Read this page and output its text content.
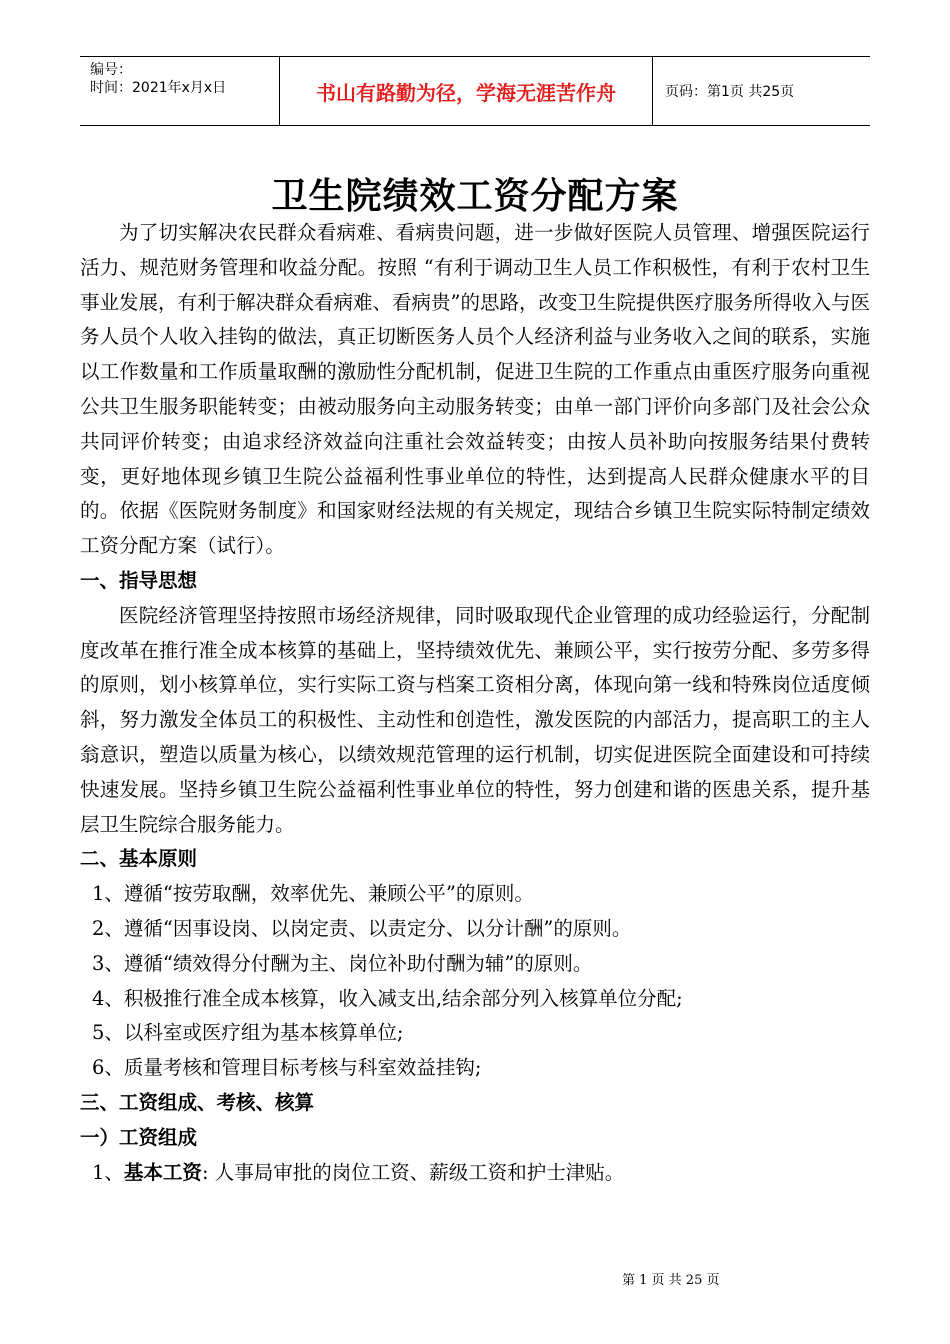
编号：
时间：2021年x月x日	书山有路勤为径，学海无涯苦作舟	页码：第1页 共25页
卫生院绩效工资分配方案

为了切实解决农民群众看病难、看病贵问题，进一步做好医院人员管理、增强医院运行活力、规范财务管理和收益分配。按照 “有利于调动卫生人员工作积极性，有利于农村卫生事业发展，有利于解决群众看病难、看病贵”的思路，改变卫生院提供医疗服务所得收入与医务人员个人收入挂钩的做法，真正切断医务人员个人经济利益与业务收入之间的联系，实施以工作数量和工作质量取酬的激励性分配机制，促进卫生院的工作重点由重医疗服务向重视公共卫生服务职能转变；由被动服务向主动服务转变；由单一部门评价向多部门及社会公众共同评价转变；由追求经济效益向注重社会效益转变；由按人员补助向按服务结果付费转变，更好地体现乡镇卫生院公益福利性事业单位的特性，达到提高人民群众健康水平的目的。依据《医院财务制度》和国家财经法规的有关规定，现结合乡镇卫生院实际特制定绩效工资分配方案（试行）。

一、指导思想

医院经济管理坚持按照市场经济规律，同时吸取现代企业管理的成功经验运行，分配制度改革在推行准全成本核算的基础上，坚持绩效优先、兼顾公平，实行按劳分配、多劳多得的原则，划小核算单位，实行实际工资与档案工资相分离，体现向第一线和特殊岗位适度倾斜，努力激发全体员工的积极性、主动性和创造性，激发医院的内部活力，提高职工的主人翁意识，塑造以质量为核心，以绩效规范管理的运行机制，切实促进医院全面建设和可持续快速发展。坚持乡镇卫生院公益福利性事业单位的特性，努力创建和谐的医患关系，提升基层卫生院综合服务能力。

二、基本原则

1、遵循“按劳取酬，效率优先、兼顾公平”的原则。

2、遵循“因事设岗、以岗定责、以责定分、以分计酬”的原则。

3、遵循“绩效得分付酬为主、岗位补助付酬为辅”的原则。

4、积极推行准全成本核算，收入减支出,结余部分列入核算单位分配;

5、以科室或医疗组为基本核算单位;

6、质量考核和管理目标考核与科室效益挂钩;

三、工资组成、考核、核算

一）工资组成

1、基本工资: 人事局审批的岗位工资、薪级工资和护士津贴。

第 1 页 共 25 页
